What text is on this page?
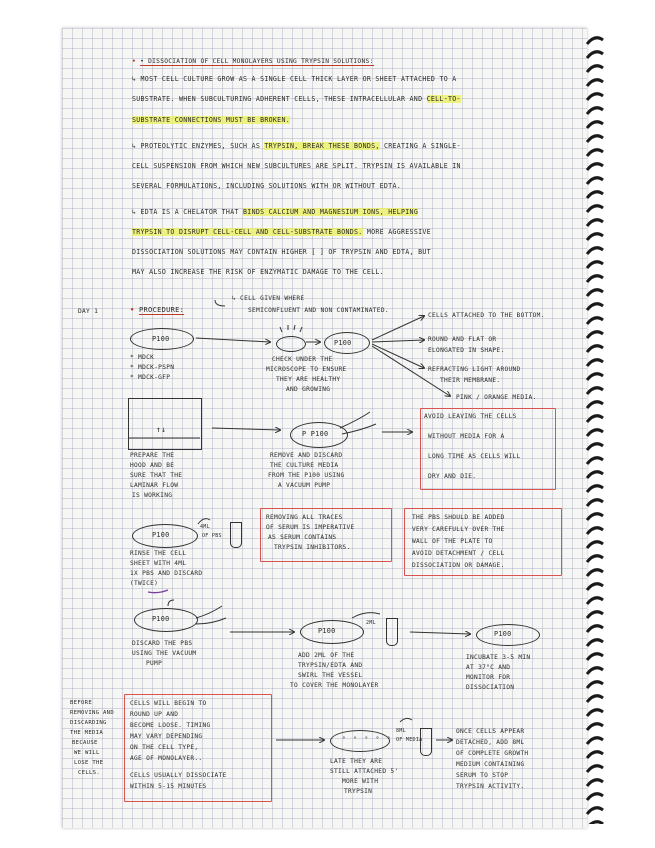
• • DISSOCIATION OF CELL MONOLAYERS USING TRYPSIN SOLUTIONS:
↳ MOST CELL CULTURE GROW AS A SINGLE CELL THICK LAYER OR SHEET ATTACHED TO A
SUBSTRATE. WHEN SUBCULTURING ADHERENT CELLS, THESE INTRACELLULAR AND CELL-TO-
SUBSTRATE CONNECTIONS MUST BE BROKEN.
↳ PROTEOLYTIC ENZYMES, SUCH AS TRYPSIN, BREAK THESE BONDS, CREATING A SINGLE-
CELL SUSPENSION FROM WHICH NEW SUBCULTURES ARE SPLIT. TRYPSIN IS AVAILABLE IN
SEVERAL FORMULATIONS, INCLUDING SOLUTIONS WITH OR WITHOUT EDTA.
↳ EDTA IS A CHELATOR THAT BINDS CALCIUM AND MAGNESIUM IONS, HELPING
TRYPSIN TO DISRUPT CELL-CELL AND CELL-SUBSTRATE BONDS. MORE AGGRESSIVE
DISSOCIATION SOLUTIONS MAY CONTAIN HIGHER [ ] OF TRYPSIN AND EDTA, BUT
MAY ALSO INCREASE THE RISK OF ENZYMATIC DAMAGE TO THE CELL.
DAY 1	• PROCEDURE:
↳ CELL GIVEN WHERE
SEMICONFLUENT AND NON CONTAMINATED.
P100
* MDCK
* MDCK-PSPN
* MDCK-GFP
P100
CHECK UNDER THE
MICROSCOPE TO ENSURE
THEY ARE HEALTHY
AND GROWING
CELLS ATTACHED TO THE BOTTOM.
ROUND AND FLAT OR
ELONGATED IN SHAPE.
REFRACTING LIGHT AROUND
THEIR MEMBRANE.
PINK / ORANGE MEDIA.
↑↓
PREPARE THE
HOOD AND BE
SURE THAT THE
LAMINAR FLOW
IS WORKING
P P100
REMOVE AND DISCARD
THE CULTURE MEDIA
FROM THE P100 USING
A VACUUM PUMP
AVOID LEAVING THE CELLS
WITHOUT MEDIA FOR A
LONG TIME AS CELLS WILL
DRY AND DIE.
P100
4ML
OF PBS
RINSE THE CELL
SHEET WITH 4ML
1X PBS AND DISCARD
(TWICE)
REMOVING ALL TRACES
OF SERUM IS IMPERATIVE
AS SERUM CONTAINS
TRYPSIN INHIBITORS.
THE PBS SHOULD BE ADDED
VERY CAREFULLY OVER THE
WALL OF THE PLATE TO
AVOID DETACHMENT / CELL
DISSOCIATION OR DAMAGE.
P100
DISCARD THE PBS
USING THE VACUUM
PUMP
P100
2ML
ADD 2ML OF THE
TRYPSIN/EDTA AND
SWIRL THE VESSEL
TO COVER THE MONOLAYER
P100
INCUBATE 3-5 MIN
AT 37°C AND
MONITOR FOR
DISSOCIATION
BEFORE
REMOVING AND
DISCARDING
THE MEDIA
BECAUSE
WE WILL
LOSE THE
CELLS.
CELLS WILL BEGIN TO
ROUND UP AND
BECOME LOOSE. TIMING
MAY VARY DEPENDING
ON THE CELL TYPE,
AGE OF MONOLAYER..
CELLS USUALLY DISSOCIATE
WITHIN 5-15 MINUTES
° ° ° ° °
8ML
OF MEDIA
LATE THEY ARE
STILL ATTACHED 5'
MORE WITH
TRYPSIN
ONCE CELLS APPEAR
DETACHED, ADD 8ML
OF COMPLETE GROWTH
MEDIUM CONTAINING
SERUM TO STOP
TRYPSIN ACTIVITY.
